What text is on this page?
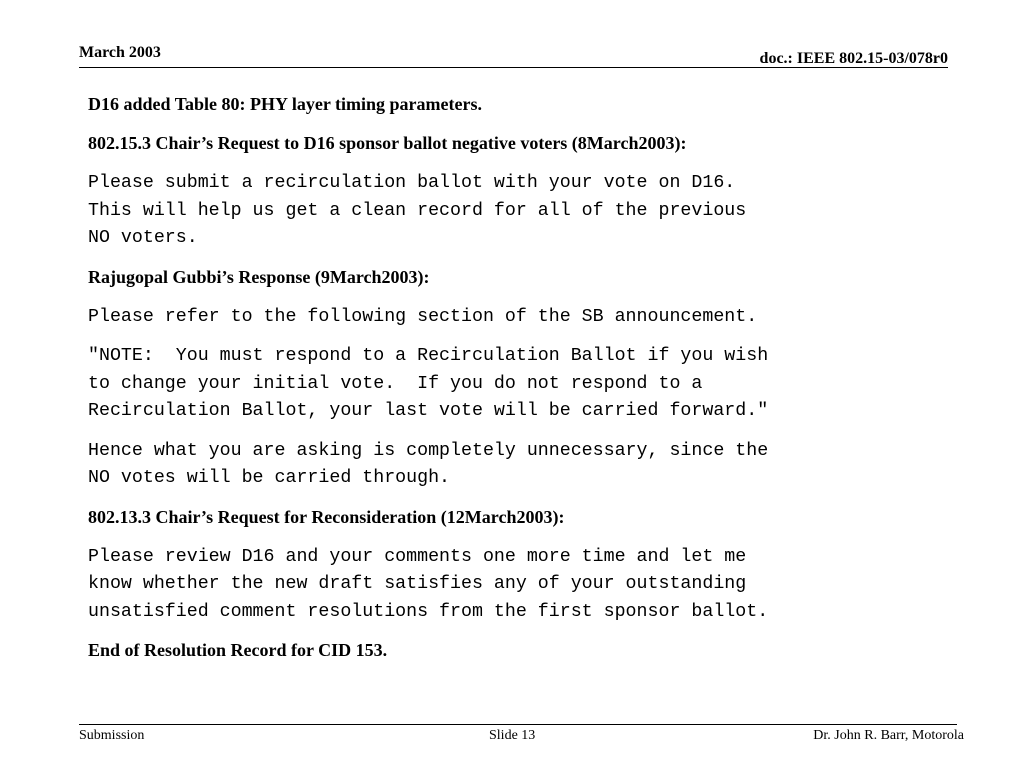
March 2003	doc.: IEEE 802.15-03/078r0
D16 added Table 80: PHY layer timing parameters.
802.15.3 Chair’s Request to D16 sponsor ballot negative voters (8March2003):
Please submit a recirculation ballot with your vote on D16.
This will help us get a clean record for all of the previous
NO voters.
Rajugopal Gubbi’s Response (9March2003):
Please refer to the following section of the SB announcement.
"NOTE:  You must respond to a Recirculation Ballot if you wish
to change your initial vote.  If you do not respond to a
Recirculation Ballot, your last vote will be carried forward."
Hence what you are asking is completely unnecessary, since the
NO votes will be carried through.
802.13.3 Chair’s Request for Reconsideration (12March2003):
Please review D16 and your comments one more time and let me
know whether the new draft satisfies any of your outstanding
unsatisfied comment resolutions from the first sponsor ballot.
End of Resolution Record for CID 153.
Submission	Slide 13	Dr. John R. Barr, Motorola
